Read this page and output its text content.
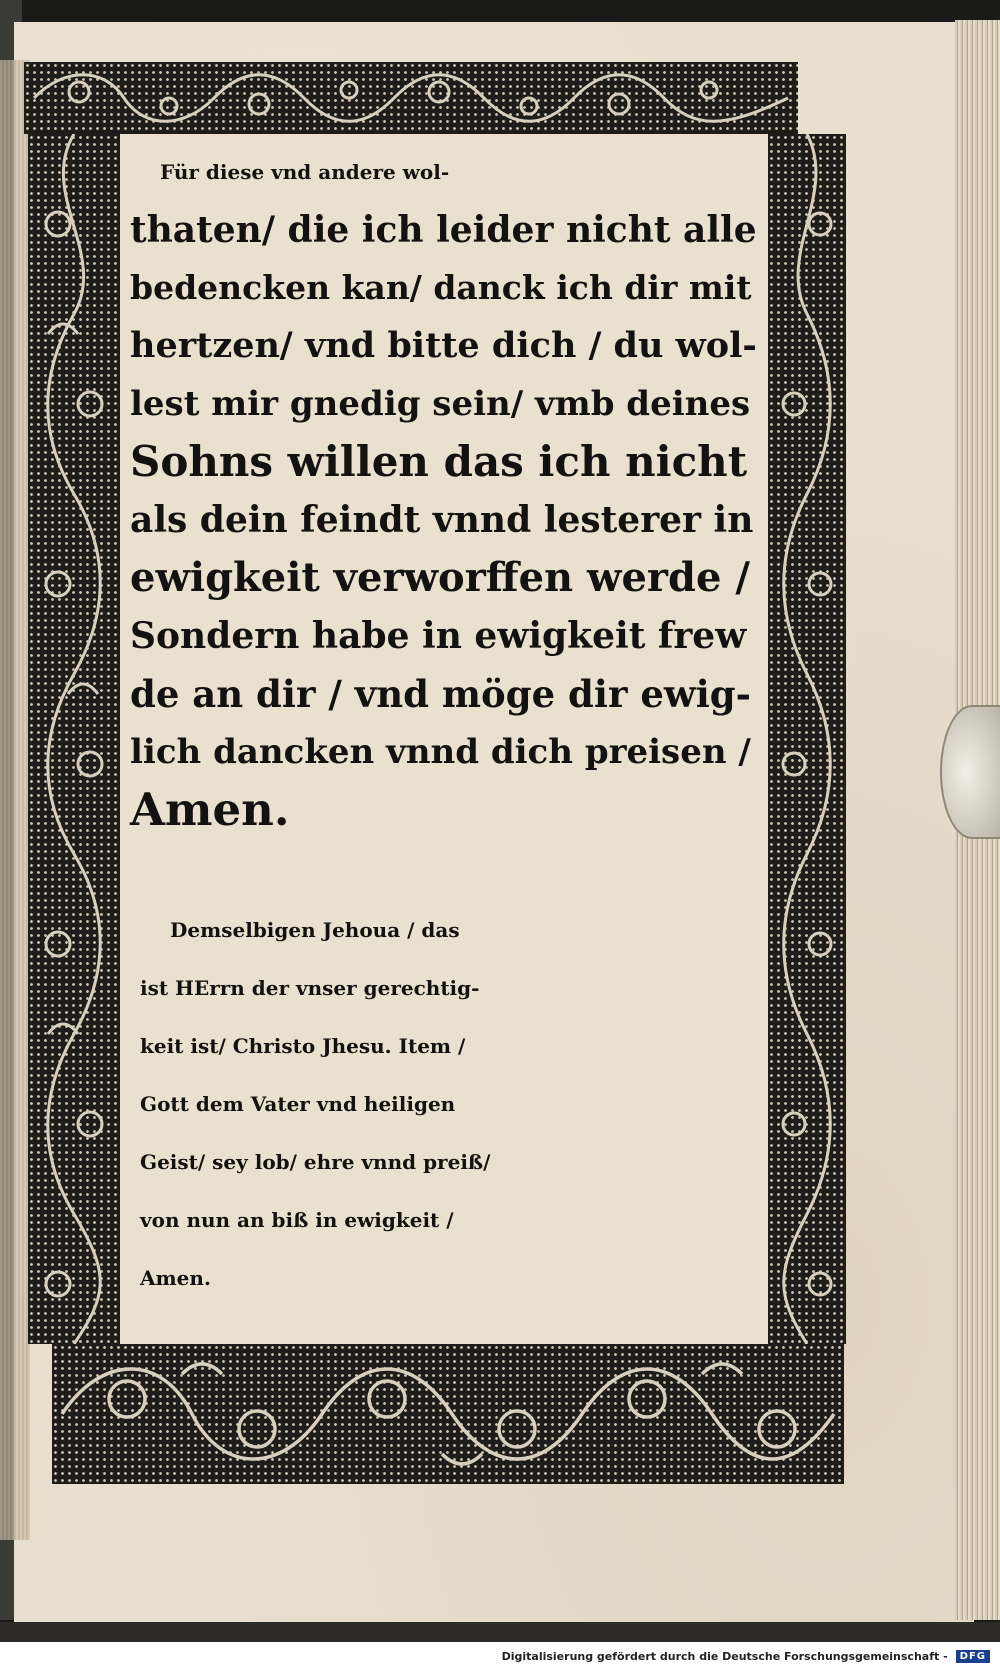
Für diese vnd andere wol-
thaten/ die ich leider nicht alle
bedencken kan/ danck ich dir mit
hertzen/ vnd bitte dich / du wol-
lest mir gnedig sein/ vmb deines
Sohns willen das ich nicht
als dein feindt vnnd lesterer in
ewigkeit verworffen werde /
Sondern habe in ewigkeit frew
de an dir / vnd möge dir ewig-
lich dancken vnnd dich preisen /
Amen.
Demselbigen Jehoua / das
ist HErrn der vnser gerechtig-
keit ist/ Christo Jhesu. Item /
Gott dem Vater vnd heiligen
Geist/ sey lob/ ehre vnnd preiß/
von nun an biß in ewigkeit /
Amen.
Digitalisierung gefördert durch die Deutsche Forschungsgemeinschaft -	DFG
